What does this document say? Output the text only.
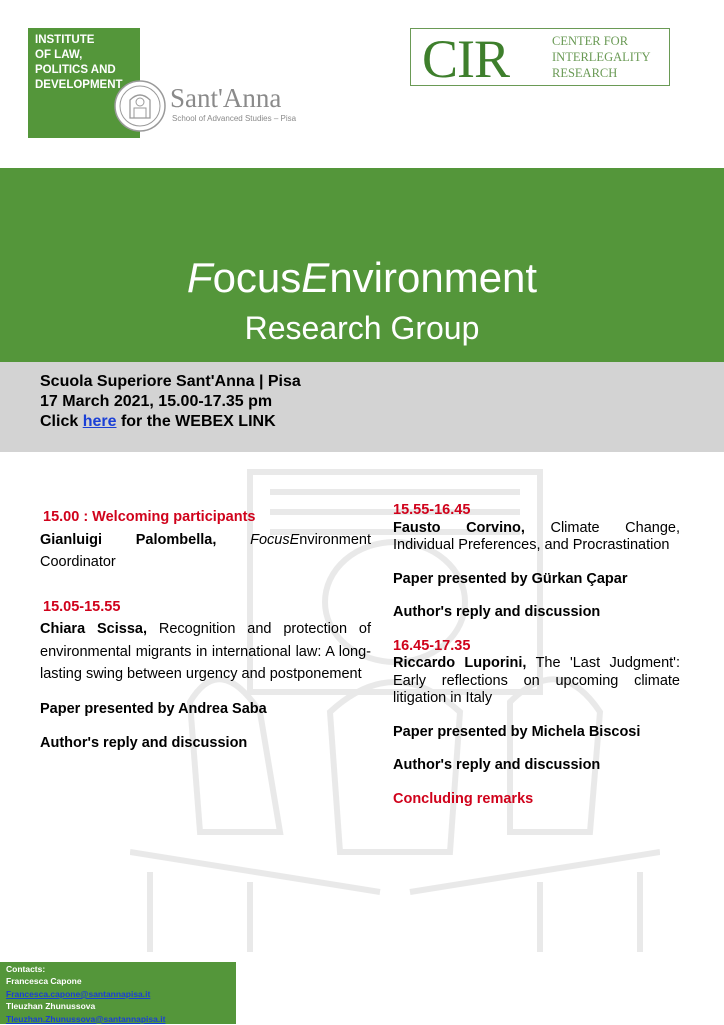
INSTITUTE
OF LAW,
POLITICS AND
DEVELOPMENT Sant'Anna
School of Advanced Studies – Pisa
CIR	CENTER FOR
INTERLEGALITY
RESEARCH
FocusEnvironment
Research Group
Scuola Superiore Sant'Anna | Pisa
17 March 2021, 15.00-17.35 pm
Click here for the WEBEX LINK
15.00 : Welcoming participants

Gianluigi Palombella, FocusEnvironment Coordinator

15.05-15.55

Chiara Scissa, Recognition and protection of environmental migrants in international law: A long-lasting swing between urgency and postponement

Paper presented by Andrea Saba
Author's reply and discussion
15.55-16.45

Fausto Corvino, Climate Change, Individual Preferences, and Procrastination

Paper presented by Gürkan Çapar
Author's reply and discussion
16.45-17.35

Riccardo Luporini, The 'Last Judgment': Early reflections on upcoming climate litigation in Italy

Paper presented by Michela Biscosi
Author's reply and discussion
Concluding remarks
Contacts:
Francesca Capone
Francesca.capone@santannapisa.it
Tleuzhan Zhunussova
Tleuzhan.Zhunussova@santannapisa.it
